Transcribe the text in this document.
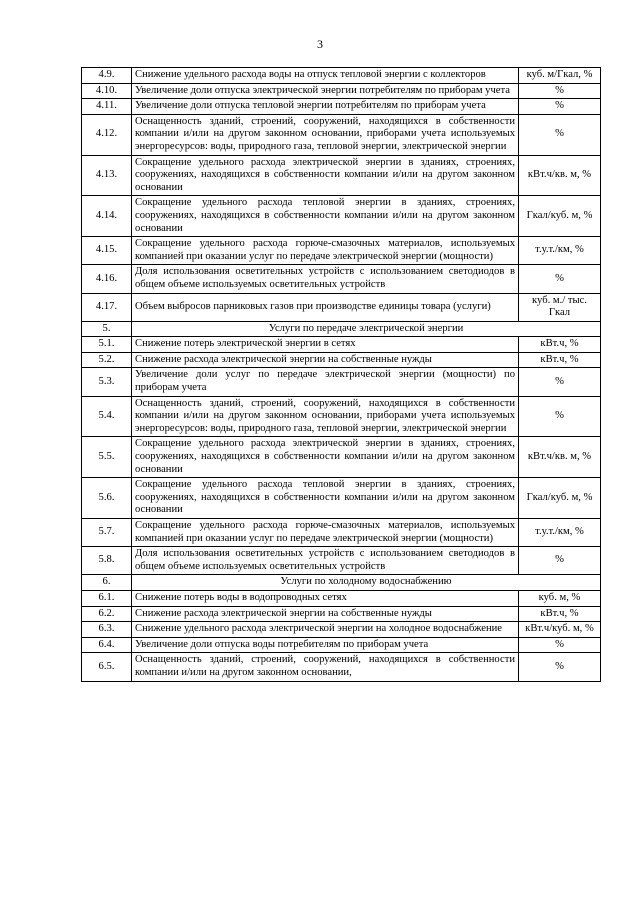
3
4.9.	Снижение удельного расхода воды на отпуск тепловой энергии с коллекторов	куб. м/Гкал, %
4.10.	Увеличение доли отпуска электрической энергии потребителям по приборам учета	%
4.11.	Увеличение доли отпуска тепловой энергии потребителям по приборам учета	%
4.12.	Оснащенность зданий, строений, сооружений, находящихся в собственности компании и/или на другом законном основании, приборами учета используемых энергоресурсов: воды, природного газа, тепловой энергии, электрической энергии	%
4.13.	Сокращение удельного расхода электрической энергии в зданиях, строениях, сооружениях, находящихся в собственности компании и/или на другом законном основании	кВт.ч/кв. м, %
4.14.	Сокращение удельного расхода тепловой энергии в зданиях, строениях, сооружениях, находящихся в собственности компании и/или на другом законном основании	Гкал/куб. м, %
4.15.	Сокращение удельного расхода горюче-смазочных материалов, используемых компанией при оказании услуг по передаче электрической энергии (мощности)	т.у.т./км, %
4.16.	Доля использования осветительных устройств с использованием светодиодов в общем объеме используемых осветительных устройств	%
4.17.	Объем выбросов парниковых газов при производстве единицы товара (услуги)	куб. м./ тыс. Гкал
5.	Услуги по передаче электрической энергии	
5.1.	Снижение потерь электрической энергии в сетях	кВт.ч, %
5.2.	Снижение расхода электрической энергии на собственные нужды	кВт.ч, %
5.3.	Увеличение доли услуг по передаче электрической энергии (мощности) по приборам учета	%
5.4.	Оснащенность зданий, строений, сооружений, находящихся в собственности компании и/или на другом законном основании, приборами учета используемых энергоресурсов: воды, природного газа, тепловой энергии, электрической энергии	%
5.5.	Сокращение удельного расхода электрической энергии в зданиях, строениях, сооружениях, находящихся в собственности компании и/или на другом законном основании	кВт.ч/кв. м, %
5.6.	Сокращение удельного расхода тепловой энергии в зданиях, строениях, сооружениях, находящихся в собственности компании и/или на другом законном основании	Гкал/куб. м, %
5.7.	Сокращение удельного расхода горюче-смазочных материалов, используемых компанией при оказании услуг по передаче электрической энергии (мощности)	т.у.т./км, %
5.8.	Доля использования осветительных устройств с использованием светодиодов в общем объеме используемых осветительных устройств	%
6.	Услуги по холодному водоснабжению	
6.1.	Снижение потерь воды в водопроводных сетях	куб. м, %
6.2.	Снижение расхода электрической энергии на собственные нужды	кВт.ч, %
6.3.	Снижение удельного расхода электрической энергии на холодное водоснабжение	кВт.ч/куб. м, %
6.4.	Увеличение доли отпуска воды потребителям по приборам учета	%
6.5.	Оснащенность зданий, строений, сооружений, находящихся в собственности компании и/или на другом законном основании,	%
